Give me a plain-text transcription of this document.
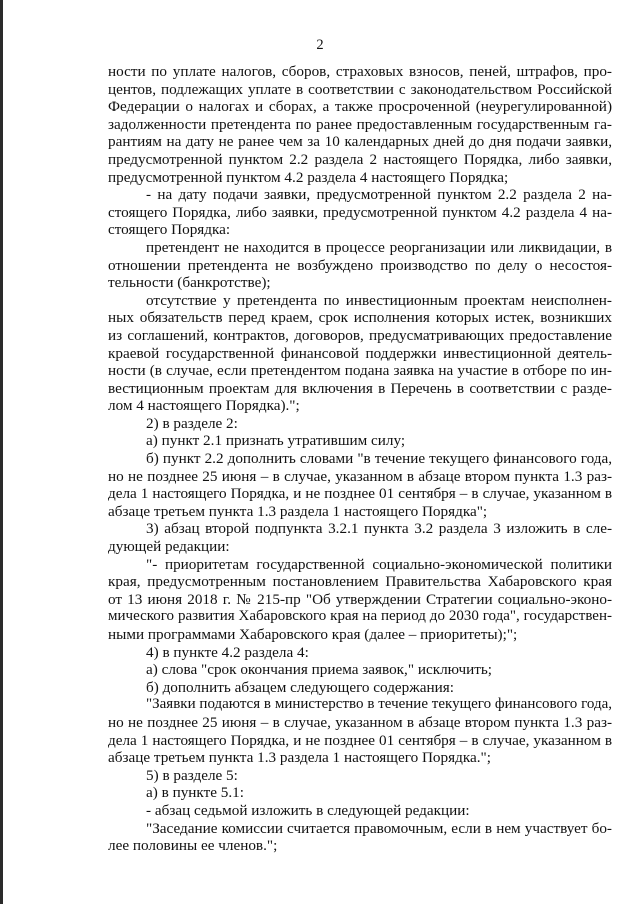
2
ности по уплате налогов, сборов, страховых взносов, пеней, штрафов, про-
центов, подлежащих уплате в соответствии с законодательством Российской
Федерации о налогах и сборах, а также просроченной (неурегулированной)
задолженности претендента по ранее предоставленным государственным га-
рантиям на дату не ранее чем за 10 календарных дней до дня подачи заявки,
предусмотренной пунктом 2.2 раздела 2 настоящего Порядка, либо заявки,
предусмотренной пунктом 4.2 раздела 4 настоящего Порядка;
- на дату подачи заявки, предусмотренной пунктом 2.2 раздела 2 на-
стоящего Порядка, либо заявки, предусмотренной пунктом 4.2 раздела 4 на-
стоящего Порядка:
претендент не находится в процессе реорганизации или ликвидации, в
отношении претендента не возбуждено производство по делу о несостоя-
тельности (банкротстве);
отсутствие у претендента по инвестиционным проектам неисполнен-
ных обязательств перед краем, срок исполнения которых истек, возникших
из соглашений, контрактов, договоров, предусматривающих предоставление
краевой государственной финансовой поддержки инвестиционной деятель-
ности (в случае, если претендентом подана заявка на участие в отборе по ин-
вестиционным проектам для включения в Перечень в соответствии с разде-
лом 4 настоящего Порядка).";
2) в разделе 2:
а) пункт 2.1 признать утратившим силу;
б) пункт 2.2 дополнить словами "в течение текущего финансового года,
но не позднее 25 июня – в случае, указанном в абзаце втором пункта 1.3 раз-
дела 1 настоящего Порядка, и не позднее 01 сентября – в случае, указанном в
абзаце третьем пункта 1.3 раздела 1 настоящего Порядка";
3) абзац второй подпункта 3.2.1 пункта 3.2 раздела 3 изложить в сле-
дующей редакции:
"- приоритетам государственной социально-экономической политики
края, предусмотренным постановлением Правительства Хабаровского края
от 13 июня 2018 г. № 215-пр "Об утверждении Стратегии социально-эконо-
мического развития Хабаровского края на период до 2030 года", государствен-
ными программами Хабаровского края (далее – приоритеты);";
4) в пункте 4.2 раздела 4:
а) слова "срок окончания приема заявок," исключить;
б) дополнить абзацем следующего содержания:
"Заявки подаются в министерство в течение текущего финансового года,
но не позднее 25 июня – в случае, указанном в абзаце втором пункта 1.3 раз-
дела 1 настоящего Порядка, и не позднее 01 сентября – в случае, указанном в
абзаце третьем пункта 1.3 раздела 1 настоящего Порядка.";
5) в разделе 5:
а) в пункте 5.1:
- абзац седьмой изложить в следующей редакции:
"Заседание комиссии считается правомочным, если в нем участвует бо-
лее половины ее членов.";
